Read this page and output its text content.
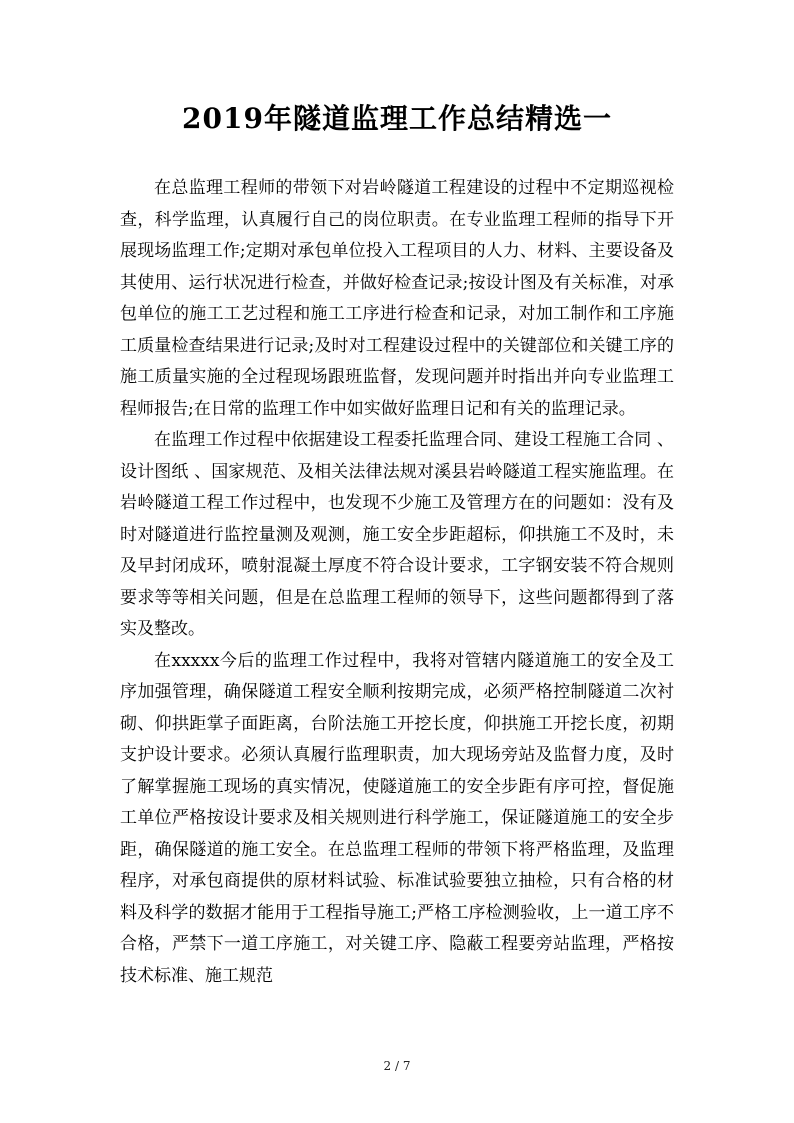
2019年隧道监理工作总结精选一

在总监理工程师的带领下对岩岭隧道工程建设的过程中不定期巡视检查，科学监理，认真履行自己的岗位职责。在专业监理工程师的指导下开展现场监理工作;定期对承包单位投入工程项目的人力、材料、主要设备及其使用、运行状况进行检查，并做好检查记录;按设计图及有关标准，对承包单位的施工工艺过程和施工工序进行检查和记录，对加工制作和工序施工质量检查结果进行记录;及时对工程建设过程中的关键部位和关键工序的施工质量实施的全过程现场跟班监督，发现问题并时指出并向专业监理工程师报告;在日常的监理工作中如实做好监理日记和有关的监理记录。

在监理工作过程中依据建设工程委托监理合同、建设工程施工合同 、设计图纸 、国家规范、及相关法律法规对溪县岩岭隧道工程实施监理。在岩岭隧道工程工作过程中，也发现不少施工及管理方在的问题如：没有及时对隧道进行监控量测及观测，施工安全步距超标，仰拱施工不及时，未及早封闭成环，喷射混凝土厚度不符合设计要求，工字钢安装不符合规则要求等等相关问题，但是在总监理工程师的领导下，这些问题都得到了落实及整改。

在xxxxx今后的监理工作过程中，我将对管辖内隧道施工的安全及工序加强管理，确保隧道工程安全顺利按期完成，必须严格控制隧道二次衬砌、仰拱距掌子面距离，台阶法施工开挖长度，仰拱施工开挖长度，初期支护设计要求。必须认真履行监理职责，加大现场旁站及监督力度，及时了解掌握施工现场的真实情况，使隧道施工的安全步距有序可控，督促施工单位严格按设计要求及相关规则进行科学施工，保证隧道施工的安全步距，确保隧道的施工安全。在总监理工程师的带领下将严格监理，及监理程序，对承包商提供的原材料试验、标准试验要独立抽检，只有合格的材料及科学的数据才能用于工程指导施工;严格工序检测验收，上一道工序不合格，严禁下一道工序施工，对关键工序、隐蔽工程要旁站监理，严格按技术标准、施工规范

2 / 7
